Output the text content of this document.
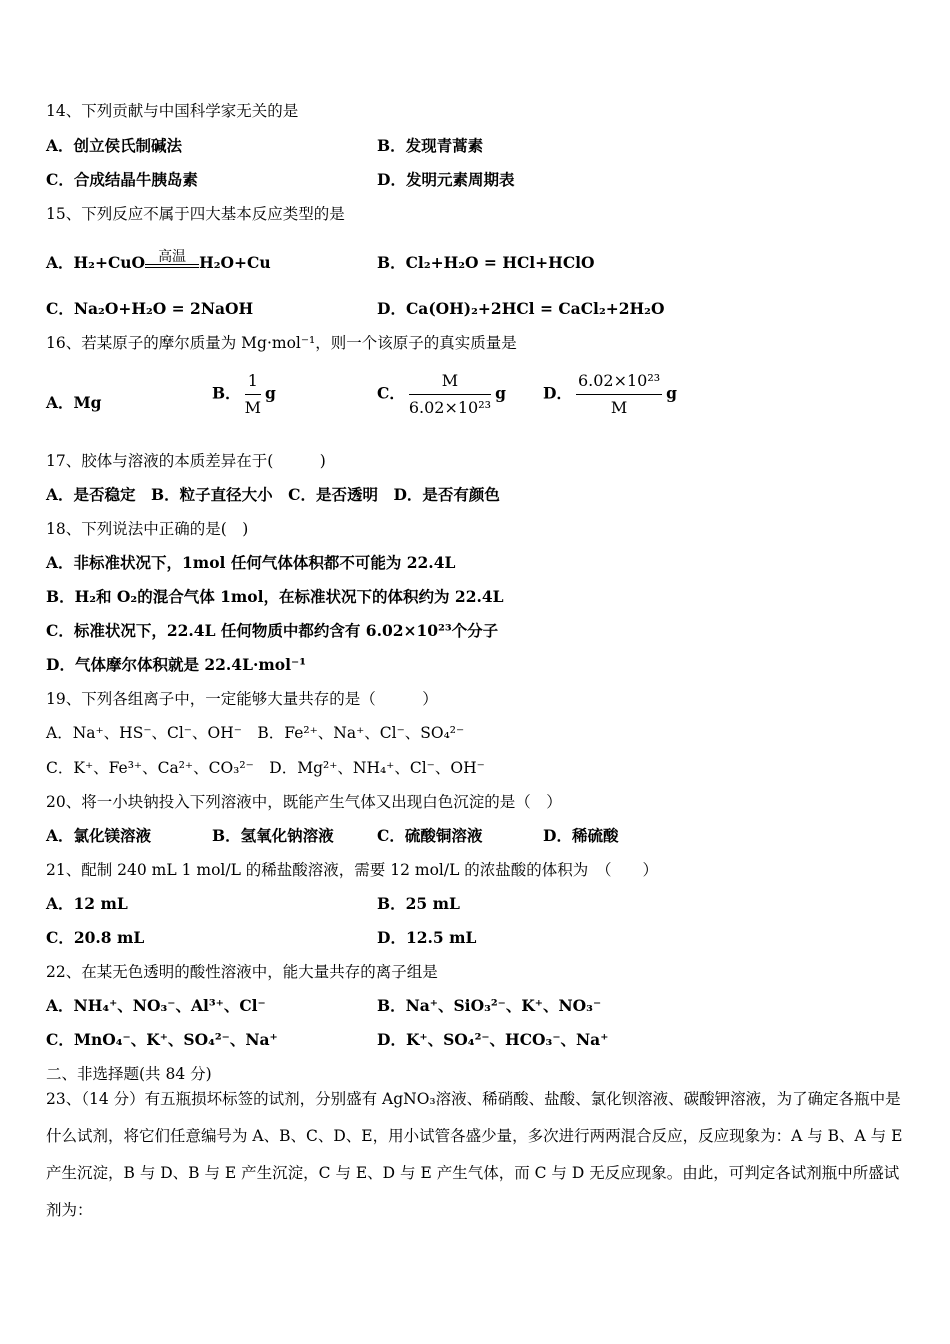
14、下列贡献与中国科学家无关的是
A．创立侯氏制碱法	B．发现青蒿素
C．合成结晶牛胰岛素	D．发明元素周期表
15、下列反应不属于四大基本反应类型的是
A．H₂+CuO 高温 H₂O+Cu	B．Cl₂+H₂O = HCl+HClO
C．Na₂O+H₂O = 2NaOH	D．Ca(OH)₂+2HCl = CaCl₂+2H₂O
16、若某原子的摩尔质量为 Mg·mol⁻¹，则一个该原子的真实质量是
A．Mg	B． $\frac{1}{M}$ g	C． $\frac{M}{\text{6.02×10²³}}$ g D． $\frac{\text{6.02×10²³}}{M}$ g
17、胶体与溶液的本质差异在于(　　　)
A．是否稳定　B．粒子直径大小　C．是否透明　D．是否有颜色
18、下列说法中正确的是(　)
A．非标准状况下，1mol 任何气体体积都不可能为 22.4L
B．H₂和 O₂的混合气体 1mol，在标准状况下的体积约为 22.4L
C．标准状况下，22.4L 任何物质中都约含有 6.02×10²³个分子
D．气体摩尔体积就是 22.4L·mol⁻¹
19、下列各组离子中，一定能够大量共存的是（　　　）
A．Na⁺、HS⁻、Cl⁻、OH⁻　B．Fe²⁺、Na⁺、Cl⁻、SO₄²⁻
C．K⁺、Fe³⁺、Ca²⁺、CO₃²⁻　D．Mg²⁺、NH₄⁺、Cl⁻、OH⁻
20、将一小块钠投入下列溶液中，既能产生气体又出现白色沉淀的是（　）
A．氯化镁溶液	B．氢氧化钠溶液	C．硫酸铜溶液	D．稀硫酸
21、配制 240 mL 1 mol/L 的稀盐酸溶液，需要 12 mol/L 的浓盐酸的体积为　（　　）
A．12 mL	B．25 mL
C．20.8 mL	D．12.5 mL
22、在某无色透明的酸性溶液中，能大量共存的离子组是
A．NH₄⁺、NO₃⁻、Al³⁺、Cl⁻	B．Na⁺、SiO₃²⁻、K⁺、NO₃⁻
C．MnO₄⁻、K⁺、SO₄²⁻、Na⁺	D．K⁺、SO₄²⁻、HCO₃⁻、Na⁺
二、非选择题(共 84 分)
23、（14 分）有五瓶损坏标签的试剂，分别盛有 AgNO₃溶液、稀硝酸、盐酸、氯化钡溶液、碳酸钾溶液，为了确定各瓶中是什么试剂，将它们任意编号为 A、B、C、D、E，用小试管各盛少量，多次进行两两混合反应，反应现象为：A 与 B、A 与 E 产生沉淀，B 与 D、B 与 E 产生沉淀，C 与 E、D 与 E 产生气体，而 C 与 D 无反应现象。由此，可判定各试剂瓶中所盛试剂为：
